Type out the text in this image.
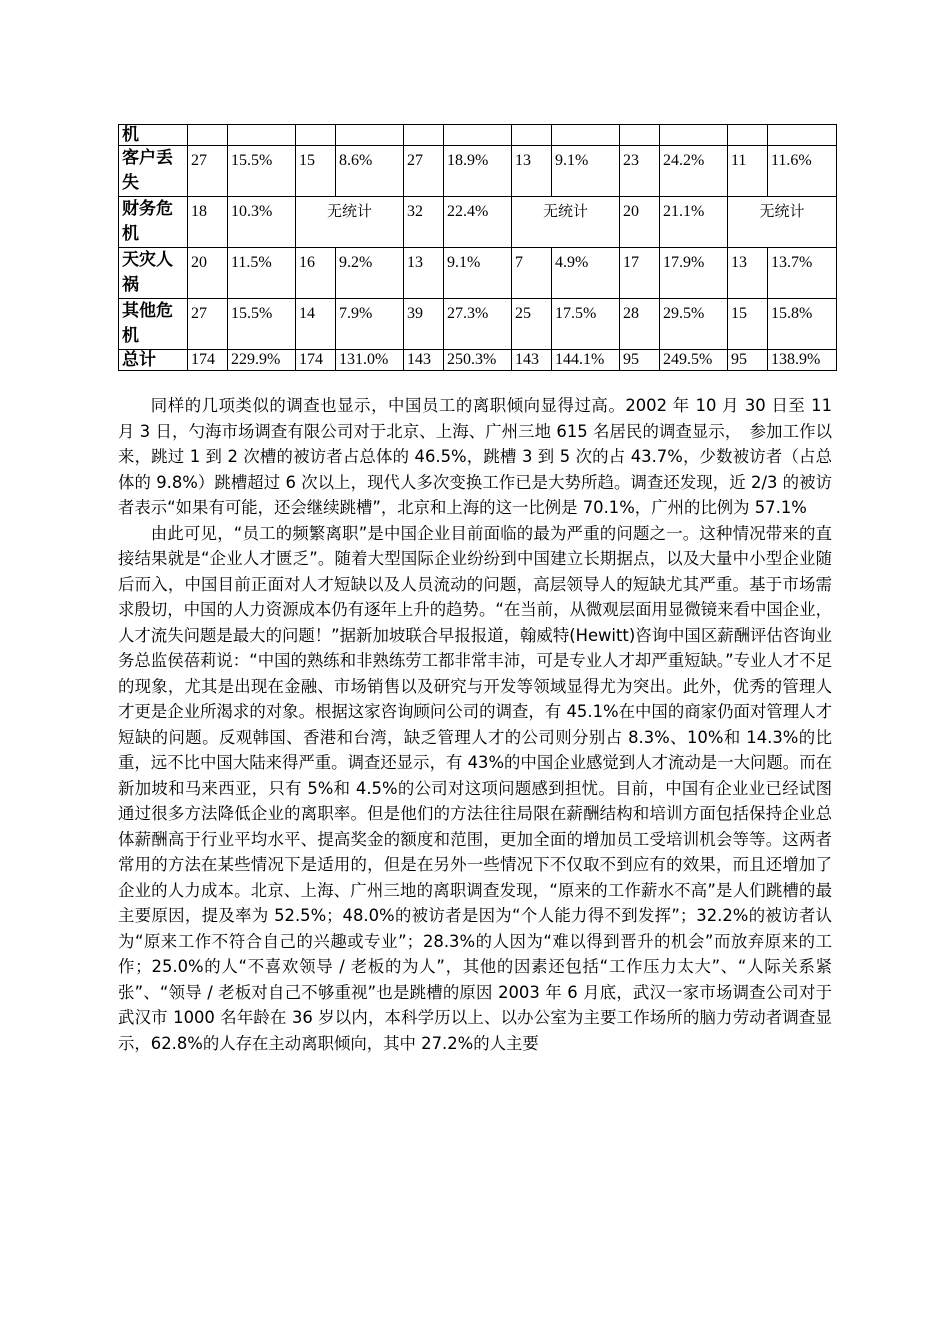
机												
客户丢失	27	15.5%	15	8.6%	27	18.9%	13	9.1%	23	24.2%	11	11.6%
财务危机	18	10.3%	无统计		32	22.4%	无统计		20	21.1%	无统计	
天灾人祸	20	11.5%	16	9.2%	13	9.1%	7	4.9%	17	17.9%	13	13.7%
其他危机	27	15.5%	14	7.9%	39	27.3%	25	17.5%	28	29.5%	15	15.8%
总计	174	229.9%	174	131.0%	143	250.3%	143	144.1%	95	249.5%	95	138.9%

同样的几项类似的调查也显示，中国员工的离职倾向显得过高。2002 年 10 月 30 日至 11 月 3 日，勺海市场调查有限公司对于北京、上海、广州三地 615 名居民的调查显示，　参加工作以来，跳过 1 到 2 次槽的被访者占总体的 46.5%，跳槽 3 到 5 次的占 43.7%，少数被访者（占总体的 9.8%）跳槽超过 6 次以上，现代人多次变换工作已是大势所趋。调查还发现，近 2/3 的被访者表示“如果有可能，还会继续跳槽”，北京和上海的这一比例是 70.1%，广州的比例为 57.1%

由此可见，“员工的频繁离职”是中国企业目前面临的最为严重的问题之一。这种情况带来的直接结果就是“企业人才匮乏”。随着大型国际企业纷纷到中国建立长期据点，以及大量中小型企业随后而入，中国目前正面对人才短缺以及人员流动的问题，高层领导人的短缺尤其严重。基于市场需求殷切，中国的人力资源成本仍有逐年上升的趋势。“在当前，从微观层面用显微镜来看中国企业，人才流失问题是最大的问题！”据新加坡联合早报报道，翰威特(Hewitt)咨询中国区薪酬评估咨询业务总监侯蓓莉说：“中国的熟练和非熟练劳工都非常丰沛，可是专业人才却严重短缺。”专业人才不足的现象，尤其是出现在金融、市场销售以及研究与开发等领域显得尤为突出。此外，优秀的管理人才更是企业所渴求的对象。根据这家咨询顾问公司的调查，有 45.1%在中国的商家仍面对管理人才短缺的问题。反观韩国、香港和台湾，缺乏管理人才的公司则分别占 8.3%、10%和 14.3%的比重，远不比中国大陆来得严重。调查还显示，有 43%的中国企业感觉到人才流动是一大问题。而在新加坡和马来西亚，只有 5%和 4.5%的公司对这项问题感到担忧。目前，中国有企业业已经试图通过很多方法降低企业的离职率。但是他们的方法往往局限在薪酬结构和培训方面包括保持企业总体薪酬高于行业平均水平、提高奖金的额度和范围，更加全面的增加员工受培训机会等等。这两者常用的方法在某些情况下是适用的，但是在另外一些情况下不仅取不到应有的效果，而且还增加了企业的人力成本。北京、上海、广州三地的离职调查发现，“原来的工作薪水不高”是人们跳槽的最主要原因，提及率为 52.5%；48.0%的被访者是因为“个人能力得不到发挥”；32.2%的被访者认为“原来工作不符合自己的兴趣或专业”；28.3%的人因为“难以得到晋升的机会”而放弃原来的工作；25.0%的人“不喜欢领导 / 老板的为人”，其他的因素还包括“工作压力太大”、“人际关系紧张”、“领导 / 老板对自己不够重视”也是跳槽的原因 2003 年 6 月底，武汉一家市场调查公司对于武汉市 1000 名年龄在 36 岁以内，本科学历以上、以办公室为主要工作场所的脑力劳动者调查显示，62.8%的人存在主动离职倾向，其中 27.2%的人主要
